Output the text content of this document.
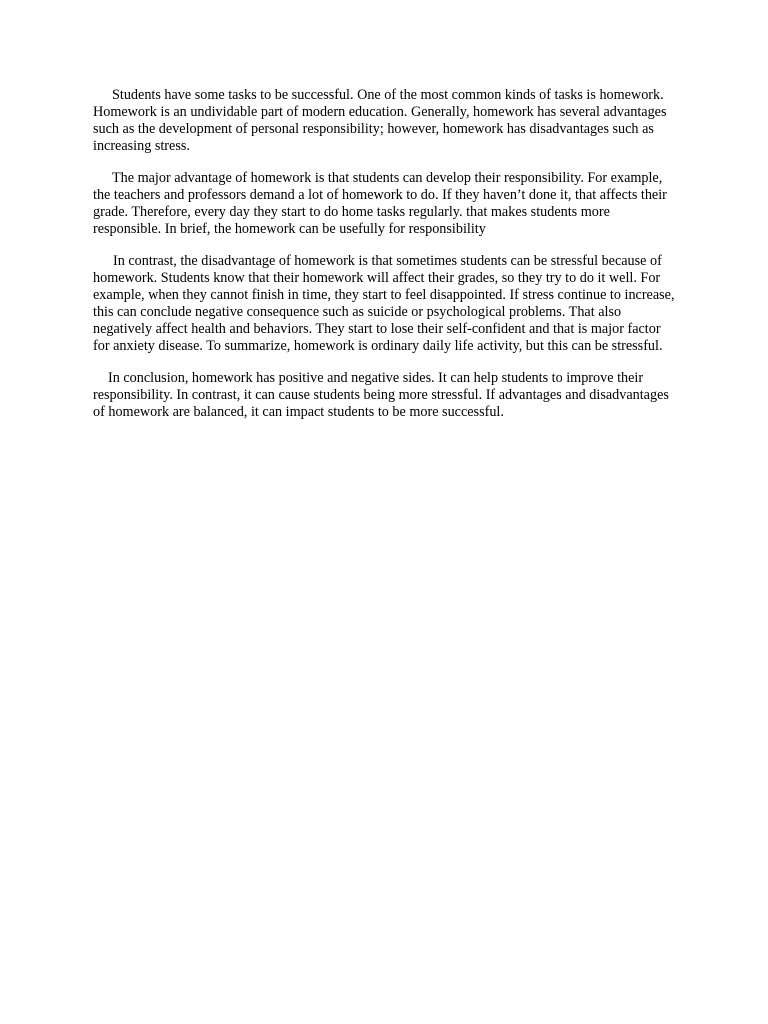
Students have some tasks to be successful. One of the most common kinds of tasks is homework. Homework is an undividable part of modern education. Generally, homework has several advantages such as the development of personal responsibility; however, homework has disadvantages such as increasing stress.

The major advantage of homework is that students can develop their responsibility. For example, the teachers and professors demand a lot of homework to do. If they haven’t done it, that affects their grade. Therefore, every day they start to do home tasks regularly. that makes students more responsible. In brief, the homework can be usefully for responsibility

In contrast, the disadvantage of homework is that sometimes students can be stressful because of homework. Students know that their homework will affect their grades, so they try to do it well. For example, when they cannot finish in time, they start to feel disappointed. If stress continue to increase, this can conclude negative consequence such as suicide or psychological problems. That also negatively affect health and behaviors. They start to lose their self-confident and that is major factor for anxiety disease. To summarize, homework is ordinary daily life activity, but this can be stressful.

In conclusion, homework has positive and negative sides. It can help students to improve their responsibility. In contrast, it can cause students being more stressful. If advantages and disadvantages of homework are balanced, it can impact students to be more successful.
